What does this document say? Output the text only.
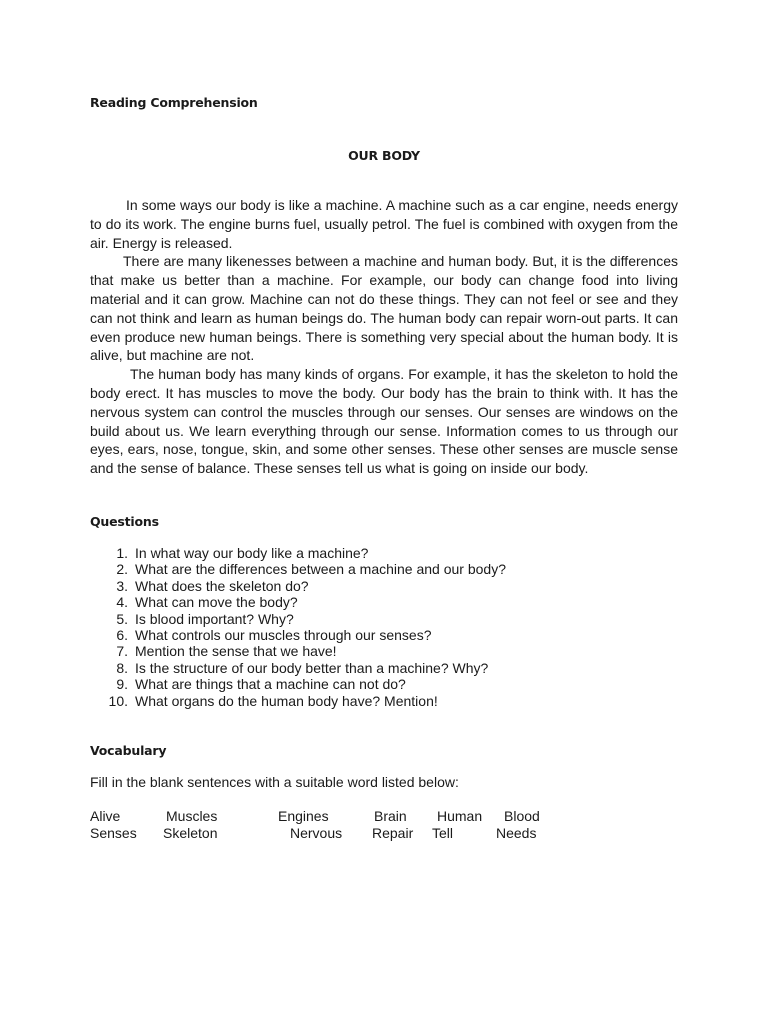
Reading Comprehension

OUR BODY

In some ways our body is like a machine. A machine such as a car engine, needs energy to do its work. The engine burns fuel, usually petrol. The fuel is combined with oxygen from the air. Energy is released.

There are many likenesses between a machine and human body. But, it is the differences that make us better than a machine. For example, our body can change food into living material and it can grow. Machine can not do these things. They can not feel or see and they can not think and learn as human beings do. The human body can repair worn-out parts. It can even produce new human beings. There is something very special about the human body. It is alive, but machine are not.

The human body has many kinds of organs. For example, it has the skeleton to hold the body erect. It has muscles to move the body. Our body has the brain to think with. It has the nervous system can control the muscles through our senses. Our senses are windows on the build about us. We learn everything through our sense. Information comes to us through our eyes, ears, nose, tongue, skin, and some other senses. These other senses are muscle sense and the sense of balance. These senses tell us what is going on inside our body.

Questions

1. In what way our body like a machine?
2. What are the differences between a machine and our body?
3. What does the skeleton do?
4. What can move the body?
5. Is blood important? Why?
6. What controls our muscles through our senses?
7. Mention the sense that we have!
8. Is the structure of our body better than a machine? Why?
9. What are things that a machine can not do?
10. What organs do the human body have? Mention!

Vocabulary

Fill in the blank sentences with a suitable word listed below:

Alive	Muscles	Engines	Brain Human Blood
Senses Skeleton	Nervous Repair Tell	Needs
